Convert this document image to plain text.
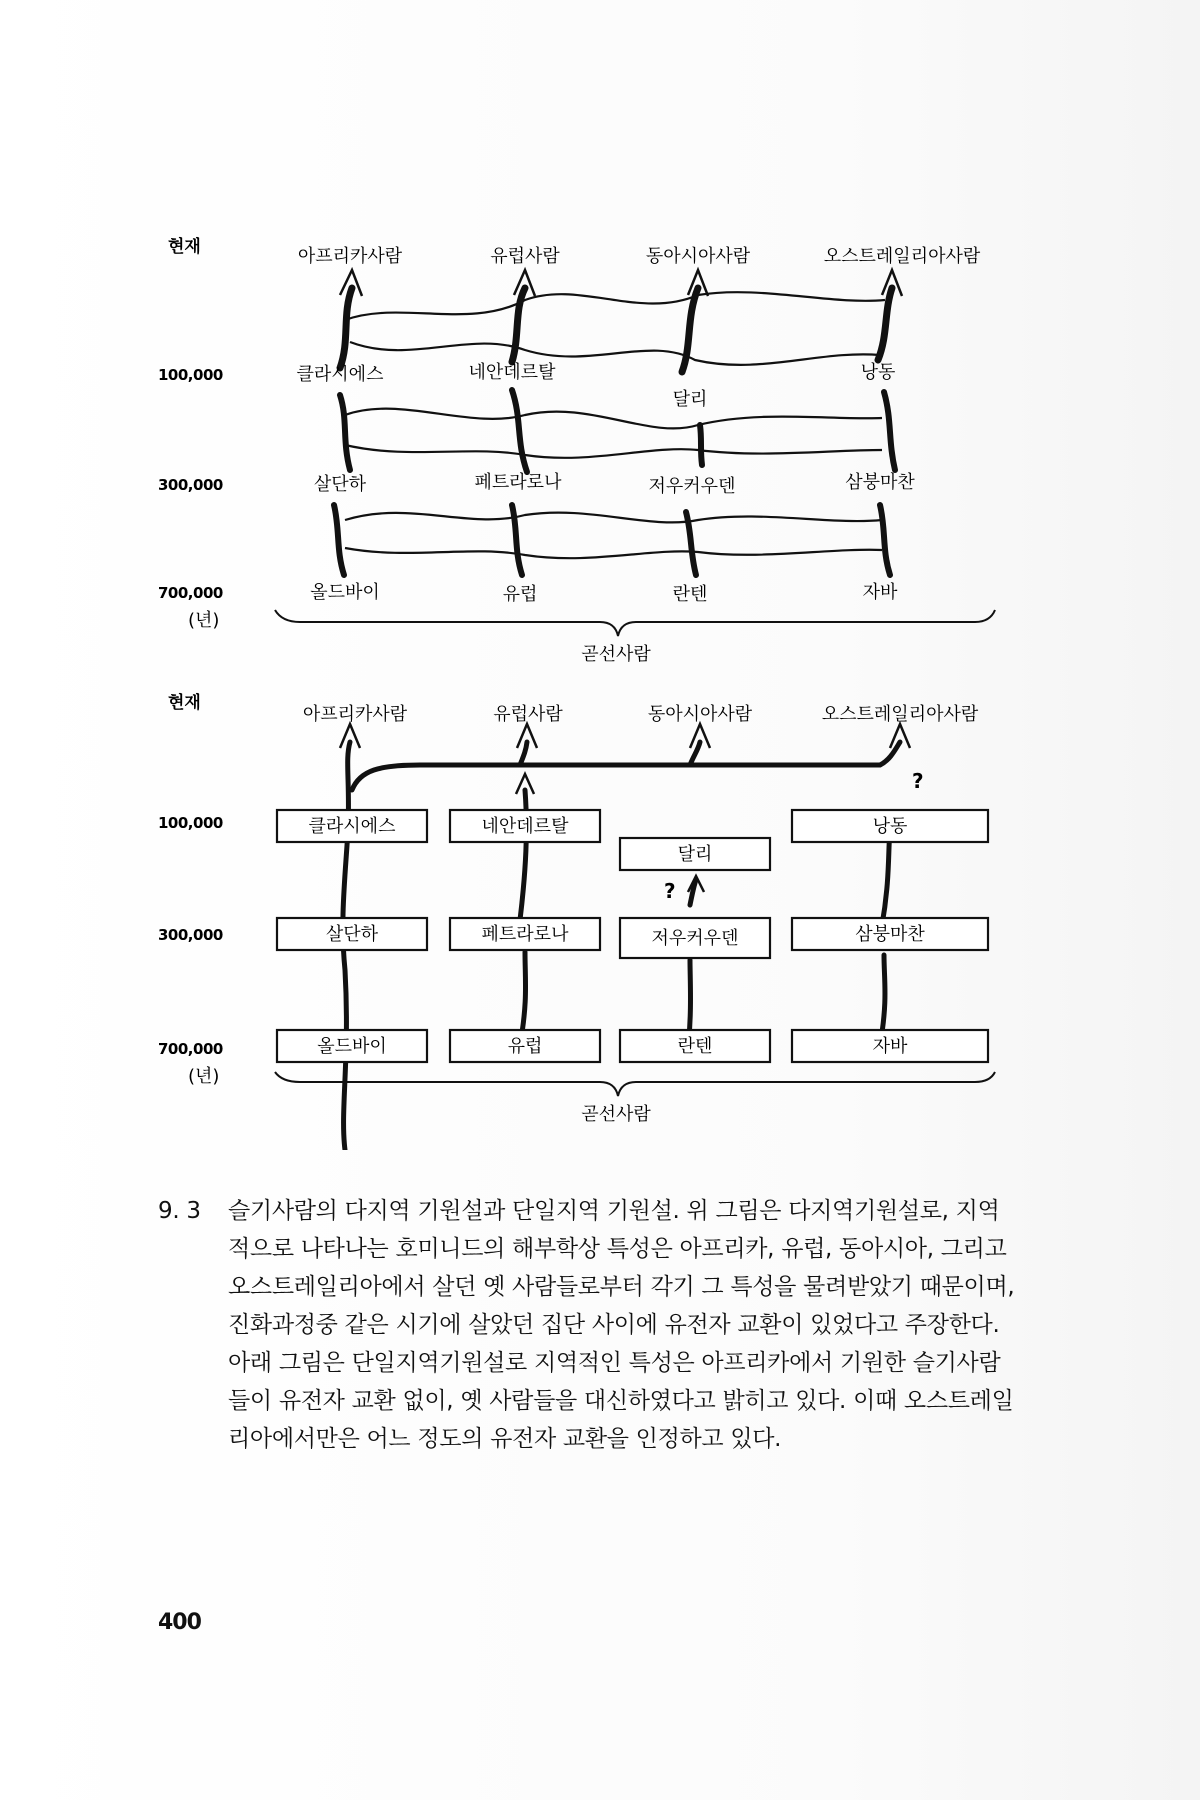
현재
100,000
300,000
700,000
(년)
아프리카사람	유럽사람	동아시아사람	오스트레일리아사람
클라시에스	네안데르탈
달리
낭동
살단하	페트라로나	저우커우덴	삼붕마찬
올드바이	유럽	란텐	자바
곧선사람
현재
100,000
300,000
700,000
(년)
아프리카사람	유럽사람	동아시아사람	오스트레일리아사람
클라시에스	네안데르탈
달리
낭동
살단하	페트라로나	저우커우덴	삼붕마찬
올드바이	유럽	란텐	자바
?
?
곧선사람
9. 3	슬기사람의 다지역 기원설과 단일지역 기원설. 위 그림은 다지역기원설로, 지역적으로 나타나는 호미니드의 해부학상 특성은 아프리카, 유럽, 동아시아, 그리고 오스트레일리아에서 살던 옛 사람들로부터 각기 그 특성을 물려받았기 때문이며, 진화과정중 같은 시기에 살았던 집단 사이에 유전자 교환이 있었다고 주장한다.

아래 그림은 단일지역기원설로 지역적인 특성은 아프리카에서 기원한 슬기사람들이 유전자 교환 없이, 옛 사람들을 대신하였다고 밝히고 있다. 이때 오스트레일리아에서만은 어느 정도의 유전자 교환을 인정하고 있다.

400
